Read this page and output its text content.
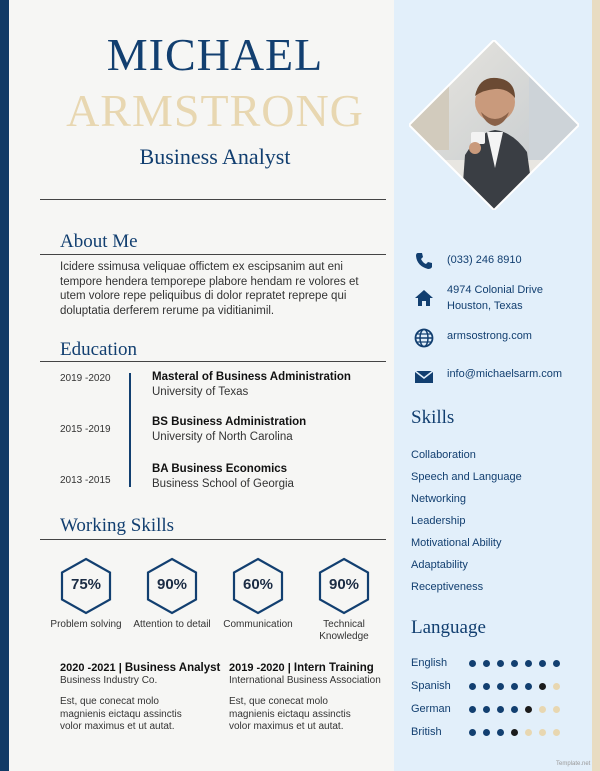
MICHAEL
ARMSTRONG
Business Analyst
About Me
Icidere ssimusa veliquae offictem ex escipsanim aut eni tempore hendera temporepe plabore hendam re volores et utem volore repe peliquibus di dolor repratet reprepe qui doluptatia derferem rerume pa viditianimil.
Education
2019 -2020	Masteral of Business Administration
University of Texas
2015 -2019
BS Business Administration
University of North Carolina
2013 -2015
BA Business Economics
Business School of Georgia
Working Skills
75%	90%	60%	90%
Problem solving	Attention to detail	Communication	Technical
Knowledge
2020 -2021 | Business Analyst
Business Industry Co.
Est, que conecat molo
magnienis eictaqu assinctis
volor maximus et ut autat.
2019 -2020 | Intern Training
International Business Association
Est, que conecat molo
magnienis eictaqu assinctis
volor maximus et ut autat.
(033) 246 8910
4974 Colonial Drive
Houston, Texas
armsostrong.com
info@michaelsarm.com
Skills
Collaboration
Speech and Language
Networking
Leadership
Motivational Ability
Adaptability
Receptiveness
Language
English
Spanish
German
British
Template.net
